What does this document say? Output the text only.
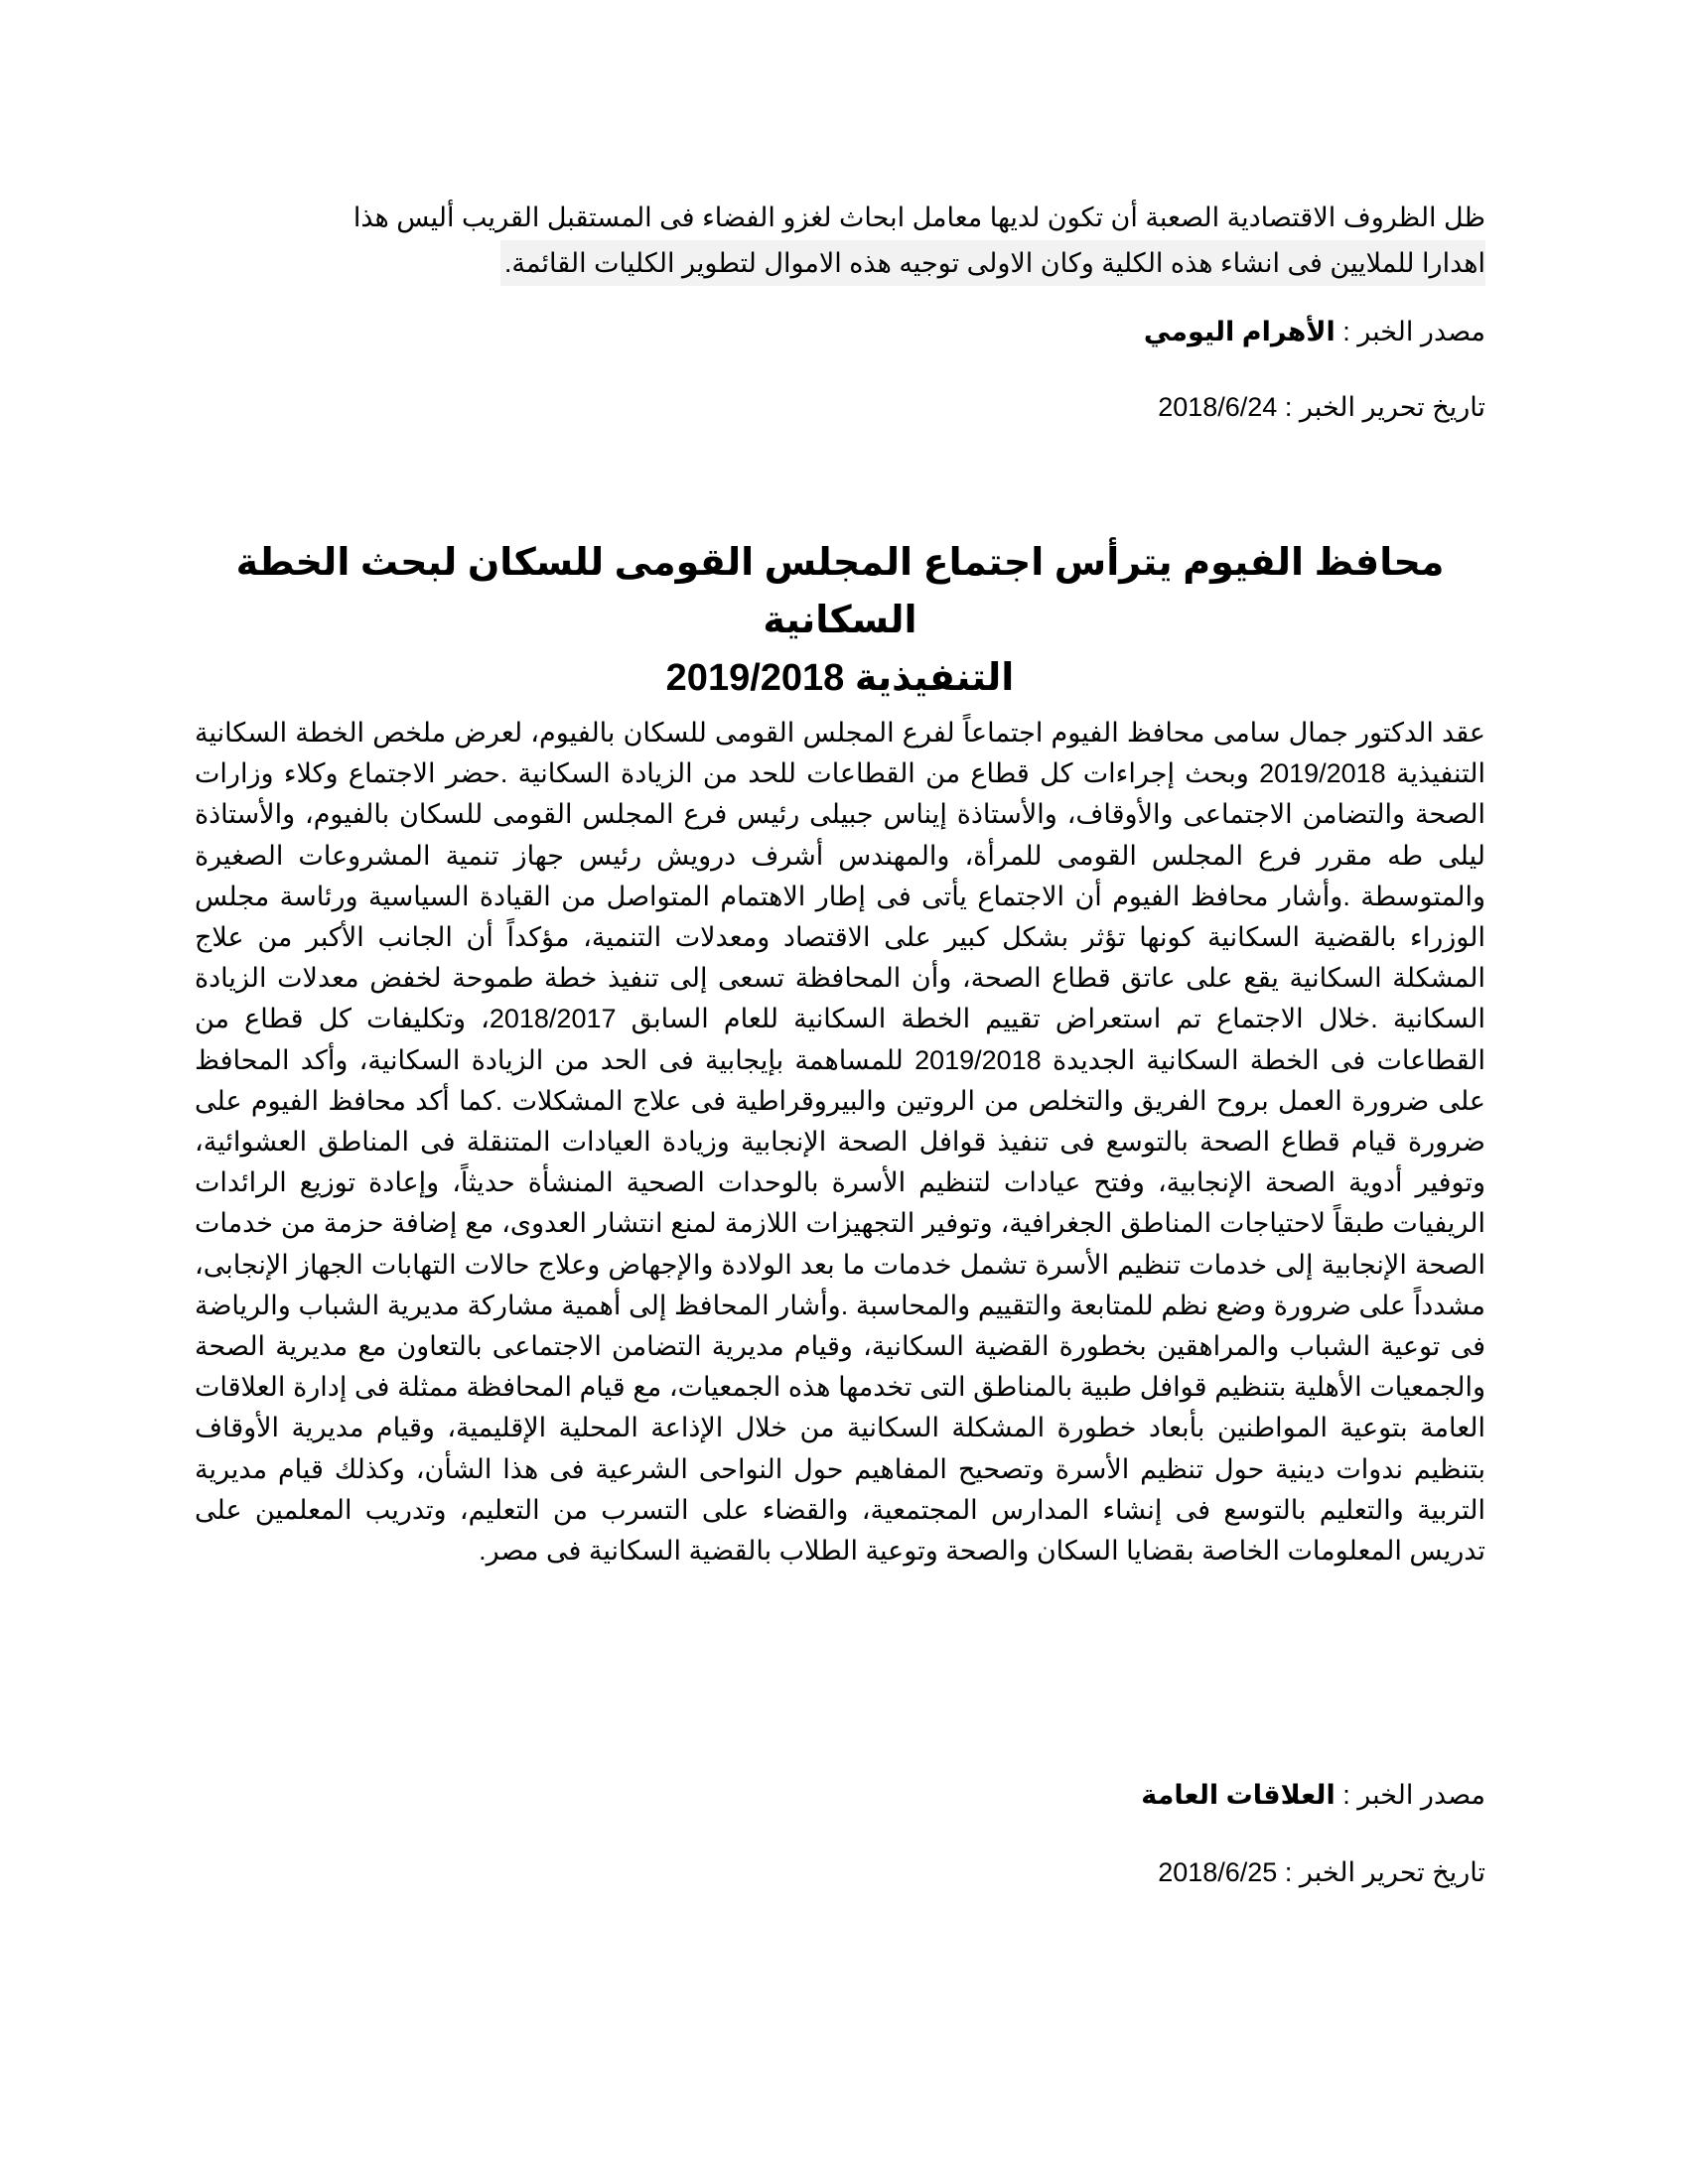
ظل الظروف الاقتصادية الصعبة أن تكون لديها معامل ابحاث لغزو الفضاء فى المستقبل القريب أليس هذا
اهدارا للملايين فى انشاء هذه الكلية وكان الاولى توجيه هذه الاموال لتطوير الكليات القائمة.
مصدر الخبر : الأهرام اليومي
تاريخ تحرير الخبر : 2018/6/24
محافظ الفيوم يترأس اجتماع المجلس القومى للسكان لبحث الخطة السكانية
التنفيذية 2019/2018
عقد الدكتور جمال سامى محافظ الفيوم اجتماعاً لفرع المجلس القومى للسكان بالفيوم، لعرض ملخص الخطة السكانية التنفيذية 2019/2018 وبحث إجراءات كل قطاع من القطاعات للحد من الزيادة السكانية .حضر الاجتماع وكلاء وزارات الصحة والتضامن الاجتماعى والأوقاف، والأستاذة إيناس جبيلى رئيس فرع المجلس القومى للسكان بالفيوم، والأستاذة ليلى طه مقرر فرع المجلس القومى للمرأة، والمهندس أشرف درويش رئيس جهاز تنمية المشروعات الصغيرة والمتوسطة .وأشار محافظ الفيوم أن الاجتماع يأتى فى إطار الاهتمام المتواصل من القيادة السياسية ورئاسة مجلس الوزراء بالقضية السكانية كونها تؤثر بشكل كبير على الاقتصاد ومعدلات التنمية، مؤكداً أن الجانب الأكبر من علاج المشكلة السكانية يقع على عاتق قطاع الصحة، وأن المحافظة تسعى إلى تنفيذ خطة طموحة لخفض معدلات الزيادة السكانية .خلال الاجتماع تم استعراض تقييم الخطة السكانية للعام السابق 2018/2017، وتكليفات كل قطاع من القطاعات فى الخطة السكانية الجديدة 2019/2018 للمساهمة بإيجابية فى الحد من الزيادة السكانية، وأكد المحافظ على ضرورة العمل بروح الفريق والتخلص من الروتين والبيروقراطية فى علاج المشكلات .كما أكد محافظ الفيوم على ضرورة قيام قطاع الصحة بالتوسع فى تنفيذ قوافل الصحة الإنجابية وزيادة العيادات المتنقلة فى المناطق العشوائية، وتوفير أدوية الصحة الإنجابية، وفتح عيادات لتنظيم الأسرة بالوحدات الصحية المنشأة حديثاً، وإعادة توزيع الرائدات الريفيات طبقاً لاحتياجات المناطق الجغرافية، وتوفير التجهيزات اللازمة لمنع انتشار العدوى، مع إضافة حزمة من خدمات الصحة الإنجابية إلى خدمات تنظيم الأسرة تشمل خدمات ما بعد الولادة والإجهاض وعلاج حالات التهابات الجهاز الإنجابى، مشدداً على ضرورة وضع نظم للمتابعة والتقييم والمحاسبة .وأشار المحافظ إلى أهمية مشاركة مديرية الشباب والرياضة فى توعية الشباب والمراهقين بخطورة القضية السكانية، وقيام مديرية التضامن الاجتماعى بالتعاون مع مديرية الصحة والجمعيات الأهلية بتنظيم قوافل طبية بالمناطق التى تخدمها هذه الجمعيات، مع قيام المحافظة ممثلة فى إدارة العلاقات العامة بتوعية المواطنين بأبعاد خطورة المشكلة السكانية من خلال الإذاعة المحلية الإقليمية، وقيام مديرية الأوقاف بتنظيم ندوات دينية حول تنظيم الأسرة وتصحيح المفاهيم حول النواحى الشرعية فى هذا الشأن، وكذلك قيام مديرية التربية والتعليم بالتوسع فى إنشاء المدارس المجتمعية، والقضاء على التسرب من التعليم، وتدريب المعلمين على تدريس المعلومات الخاصة بقضايا السكان والصحة وتوعية الطلاب بالقضية السكانية فى مصر.
مصدر الخبر : العلاقات العامة
تاريخ تحرير الخبر : 2018/6/25
